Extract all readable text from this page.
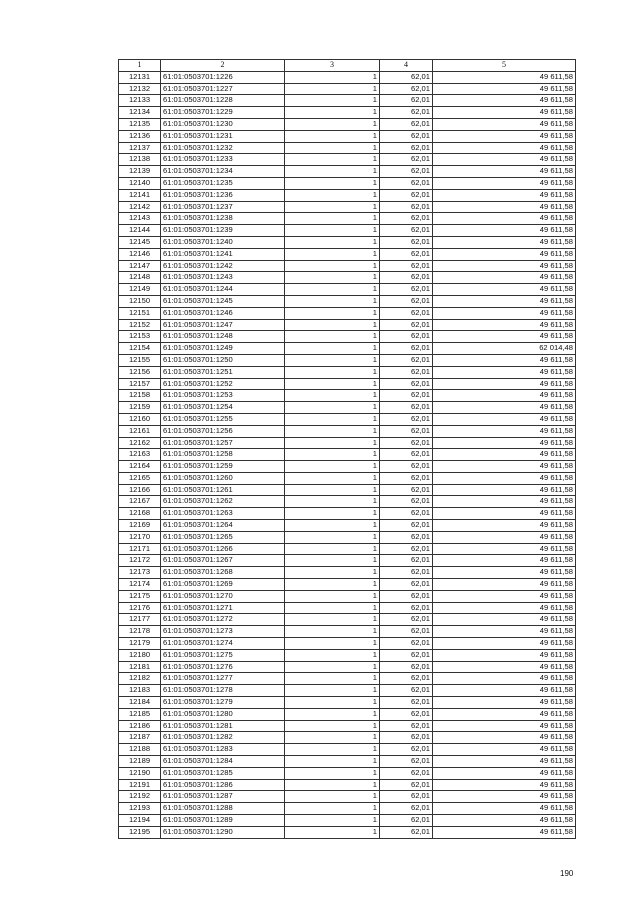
1	2	3	4	5
12131	61:01:0503701:1226	1	62,01	49 611,58
12132	61:01:0503701:1227	1	62,01	49 611,58
12133	61:01:0503701:1228	1	62,01	49 611,58
12134	61:01:0503701:1229	1	62,01	49 611,58
12135	61:01:0503701:1230	1	62,01	49 611,58
12136	61:01:0503701:1231	1	62,01	49 611,58
12137	61:01:0503701:1232	1	62,01	49 611,58
12138	61:01:0503701:1233	1	62,01	49 611,58
12139	61:01:0503701:1234	1	62,01	49 611,58
12140	61:01:0503701:1235	1	62,01	49 611,58
12141	61:01:0503701:1236	1	62,01	49 611,58
12142	61:01:0503701:1237	1	62,01	49 611,58
12143	61:01:0503701:1238	1	62,01	49 611,58
12144	61:01:0503701:1239	1	62,01	49 611,58
12145	61:01:0503701:1240	1	62,01	49 611,58
12146	61:01:0503701:1241	1	62,01	49 611,58
12147	61:01:0503701:1242	1	62,01	49 611,58
12148	61:01:0503701:1243	1	62,01	49 611,58
12149	61:01:0503701:1244	1	62,01	49 611,58
12150	61:01:0503701:1245	1	62,01	49 611,58
12151	61:01:0503701:1246	1	62,01	49 611,58
12152	61:01:0503701:1247	1	62,01	49 611,58
12153	61:01:0503701:1248	1	62,01	49 611,58
12154	61:01:0503701:1249	1	62,01	62 014,48
12155	61:01:0503701:1250	1	62,01	49 611,58
12156	61:01:0503701:1251	1	62,01	49 611,58
12157	61:01:0503701:1252	1	62,01	49 611,58
12158	61:01:0503701:1253	1	62,01	49 611,58
12159	61:01:0503701:1254	1	62,01	49 611,58
12160	61:01:0503701:1255	1	62,01	49 611,58
12161	61:01:0503701:1256	1	62,01	49 611,58
12162	61:01:0503701:1257	1	62,01	49 611,58
12163	61:01:0503701:1258	1	62,01	49 611,58
12164	61:01:0503701:1259	1	62,01	49 611,58
12165	61:01:0503701:1260	1	62,01	49 611,58
12166	61:01:0503701:1261	1	62,01	49 611,58
12167	61:01:0503701:1262	1	62,01	49 611,58
12168	61:01:0503701:1263	1	62,01	49 611,58
12169	61:01:0503701:1264	1	62,01	49 611,58
12170	61:01:0503701:1265	1	62,01	49 611,58
12171	61:01:0503701:1266	1	62,01	49 611,58
12172	61:01:0503701:1267	1	62,01	49 611,58
12173	61:01:0503701:1268	1	62,01	49 611,58
12174	61:01:0503701:1269	1	62,01	49 611,58
12175	61:01:0503701:1270	1	62,01	49 611,58
12176	61:01:0503701:1271	1	62,01	49 611,58
12177	61:01:0503701:1272	1	62,01	49 611,58
12178	61:01:0503701:1273	1	62,01	49 611,58
12179	61:01:0503701:1274	1	62,01	49 611,58
12180	61:01:0503701:1275	1	62,01	49 611,58
12181	61:01:0503701:1276	1	62,01	49 611,58
12182	61:01:0503701:1277	1	62,01	49 611,58
12183	61:01:0503701:1278	1	62,01	49 611,58
12184	61:01:0503701:1279	1	62,01	49 611,58
12185	61:01:0503701:1280	1	62,01	49 611,58
12186	61:01:0503701:1281	1	62,01	49 611,58
12187	61:01:0503701:1282	1	62,01	49 611,58
12188	61:01:0503701:1283	1	62,01	49 611,58
12189	61:01:0503701:1284	1	62,01	49 611,58
12190	61:01:0503701:1285	1	62,01	49 611,58
12191	61:01:0503701:1286	1	62,01	49 611,58
12192	61:01:0503701:1287	1	62,01	49 611,58
12193	61:01:0503701:1288	1	62,01	49 611,58
12194	61:01:0503701:1289	1	62,01	49 611,58
12195	61:01:0503701:1290	1	62,01	49 611,58
190
